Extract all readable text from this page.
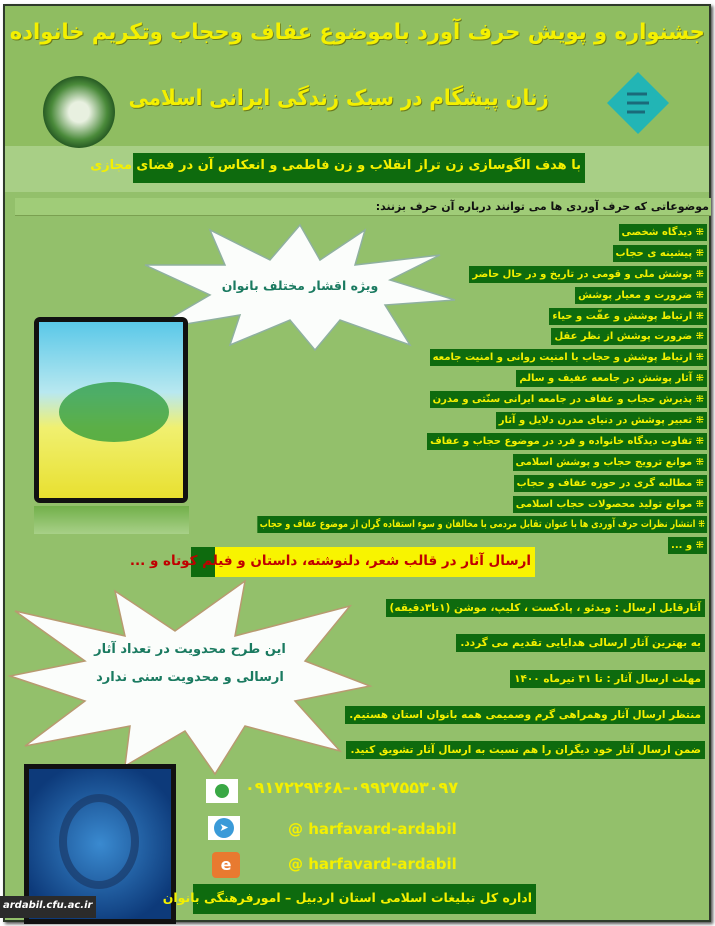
جشنواره و پویش حرف آورد باموضوع عفاف وحجاب وتکریم خانواده
زنان پیشگام در سبک زندگی ایرانی اسلامی
با هدف الگوسازی زن تراز انقلاب و زن فاطمی و انعکاس آن در فضای مجازی
موضوعاتی که حرف آوردی ها می توانند درباره آن حرف بزنند:
⁜ دیدگاه شخصی
⁜ پیشینه ی حجاب
⁜ پوشش ملی و قومی در تاریخ و در حال حاضر
⁜ ضرورت و معیار پوشش
⁜ ارتباط پوشش و عفّت و حیاء
⁜ ضرورت پوشش از نظر عقل
⁜ ارتباط پوشش و حجاب با امنیت روانی و امنیت جامعه
⁜ آثار پوشش در جامعه عفیف و سالم
⁜ پذیرش حجاب و عفاف در جامعه ایرانی سنّتی و مدرن
⁜ تعبیر پوشش در دنیای مدرن دلایل و آثار
⁜ تفاوت دیدگاه خانواده و فرد در موضوع حجاب و عفاف
⁜ موانع ترویج حجاب و پوشش اسلامی
⁜ مطالبه گری در حوزه عفاف و حجاب
⁜ موانع تولید محصولات حجاب اسلامی
⁜ انتشار نظرات حرف آوردی ها با عنوان تقابل مردمی با مخالفان و سوء استفاده گران از موضوع عفاف و حجاب
⁜ و ...
ویژه اقشار مختلف بانوان
ارسال آثار در قالب شعر، دلنوشته، داستان و فیلم کوتاه و ...
این طرح محدویت در تعداد آثار
ارسالی و محدویت سنی ندارد
آثارقابل ارسال : ویدئو ، پادکست ، کلیپ، موشن (۱تا۳دقیقه)
به بهترین آثار ارسالی هدایایی تقدیم می گردد.
مهلت ارسال آثار : تا ۳۱ تیرماه ۱۴۰۰
منتظر ارسال آثار وهمراهی گرم وصمیمی همه بانوان استان هستیم.
ضمن ارسال آثار خود دیگران را هم نسبت به ارسال آثار تشویق کنید.
۰۹۱۷۲۲۹۴۶۸–۰۹۹۲۷۵۵۳۰۹۷
➤	@ harfavard-ardabil
e	@ harfavard-ardabil
اداره کل تبلیغات اسلامی استان اردبیل – امورفرهنگی بانوان
ardabil.cfu.ac.ir
